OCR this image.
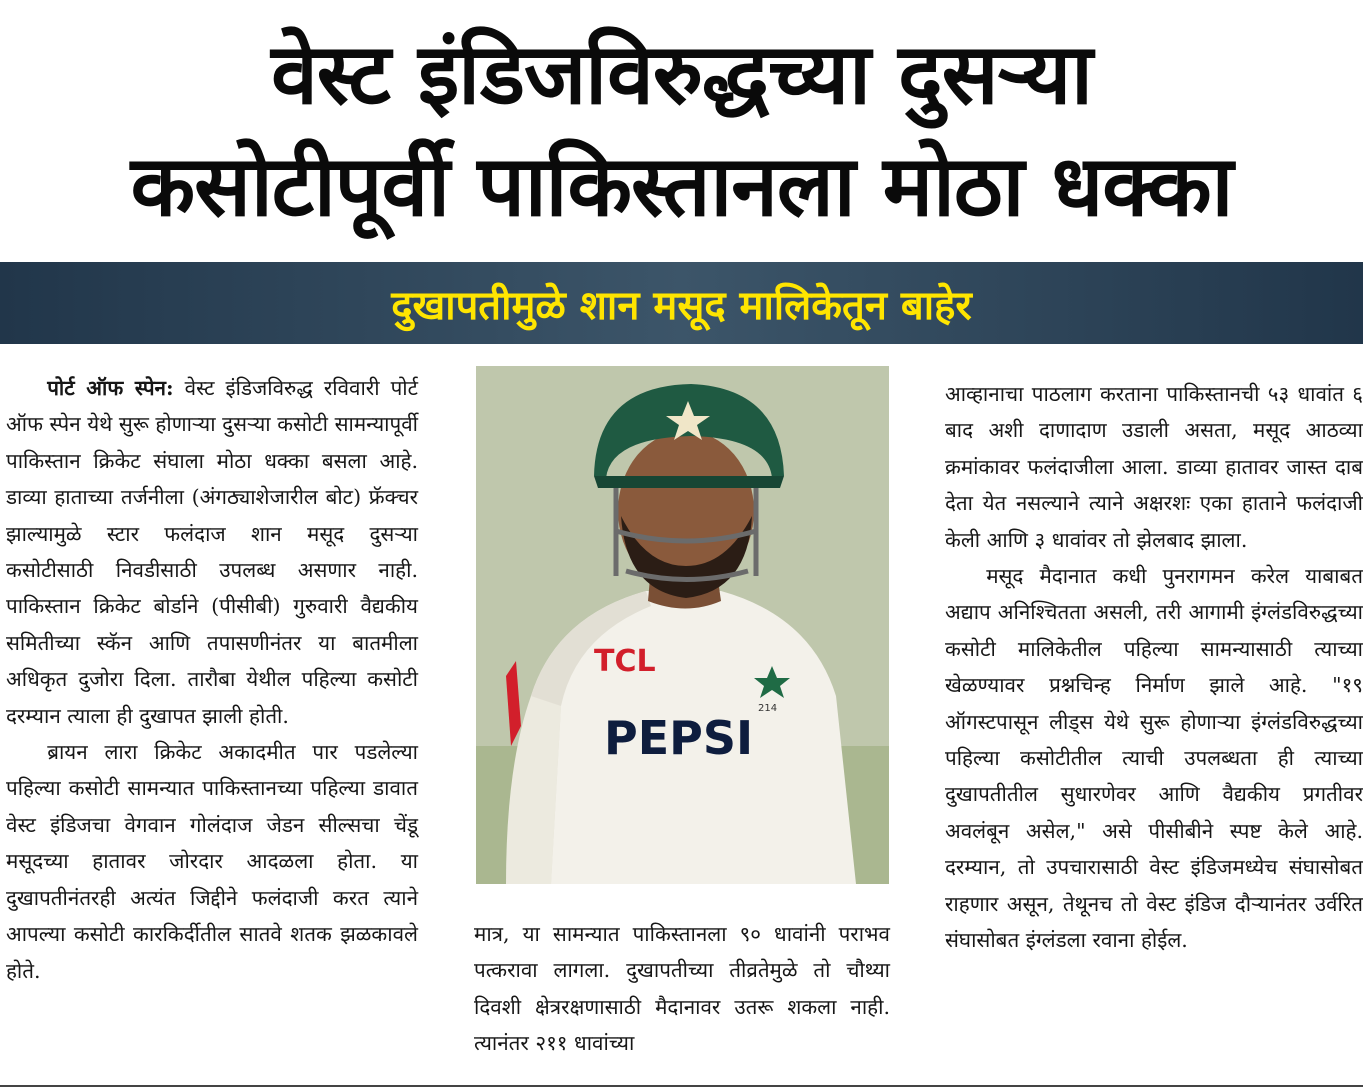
वेस्ट इंडिजविरुद्धच्या दुसऱ्या
कसोटीपूर्वी पाकिस्तानला मोठा धक्का
दुखापतीमुळे शान मसूद मालिकेतून बाहेर

पोर्ट ऑफ स्पेन: वेस्ट इंडिजविरुद्ध रविवारी पोर्ट ऑफ स्पेन येथे सुरू होणाऱ्या दुसऱ्या कसोटी सामन्यापूर्वी पाकिस्तान क्रिकेट संघाला मोठा धक्का बसला आहे. डाव्या हाताच्या तर्जनीला (अंगठ्याशेजारील बोट) फ्रॅक्चर झाल्यामुळे स्टार फलंदाज शान मसूद दुसऱ्या कसोटीसाठी निवडीसाठी उपलब्ध असणार नाही. पाकिस्तान क्रिकेट बोर्डाने (पीसीबी) गुरुवारी वैद्यकीय समितीच्या स्कॅन आणि तपासणीनंतर या बातमीला अधिकृत दुजोरा दिला. तारौबा येथील पहिल्या कसोटी दरम्यान त्याला ही दुखापत झाली होती.

ब्रायन लारा क्रिकेट अकादमीत पार पडलेल्या पहिल्या कसोटी सामन्यात पाकिस्तानच्या पहिल्या डावात वेस्ट इंडिजचा वेगवान गोलंदाज जेडन सील्सचा चेंडू मसूदच्या हातावर जोरदार आदळला होता. या दुखापतीनंतरही अत्यंत जिद्दीने फलंदाजी करत त्याने आपल्या कसोटी कारकिर्दीतील सातवे शतक झळकावले होते.

TCL
PEPSI
214

मात्र, या सामन्यात पाकिस्तानला ९० धावांनी पराभव पत्करावा लागला. दुखापतीच्या तीव्रतेमुळे तो चौथ्या दिवशी क्षेत्ररक्षणासाठी मैदानावर उतरू शकला नाही. त्यानंतर २११ धावांच्या

आव्हानाचा पाठलाग करताना पाकिस्तानची ५३ धावांत ६ बाद अशी दाणादाण उडाली असता, मसूद आठव्या क्रमांकावर फलंदाजीला आला. डाव्या हातावर जास्त दाब देता येत नसल्याने त्याने अक्षरशः एका हाताने फलंदाजी केली आणि ३ धावांवर तो झेलबाद झाला.

मसूद मैदानात कधी पुनरागमन करेल याबाबत अद्याप अनिश्चितता असली, तरी आगामी इंग्लंडविरुद्धच्या कसोटी मालिकेतील पहिल्या सामन्यासाठी त्याच्या खेळण्यावर प्रश्नचिन्ह निर्माण झाले आहे. "१९ ऑगस्टपासून लीड्स येथे सुरू होणाऱ्या इंग्लंडविरुद्धच्या पहिल्या कसोटीतील त्याची उपलब्धता ही त्याच्या दुखापतीतील सुधारणेवर आणि वैद्यकीय प्रगतीवर अवलंबून असेल," असे पीसीबीने स्पष्ट केले आहे. दरम्यान, तो उपचारासाठी वेस्ट इंडिजमध्येच संघासोबत राहणार असून, तेथूनच तो वेस्ट इंडिज दौऱ्यानंतर उर्वरित संघासोबत इंग्लंडला रवाना होईल.
